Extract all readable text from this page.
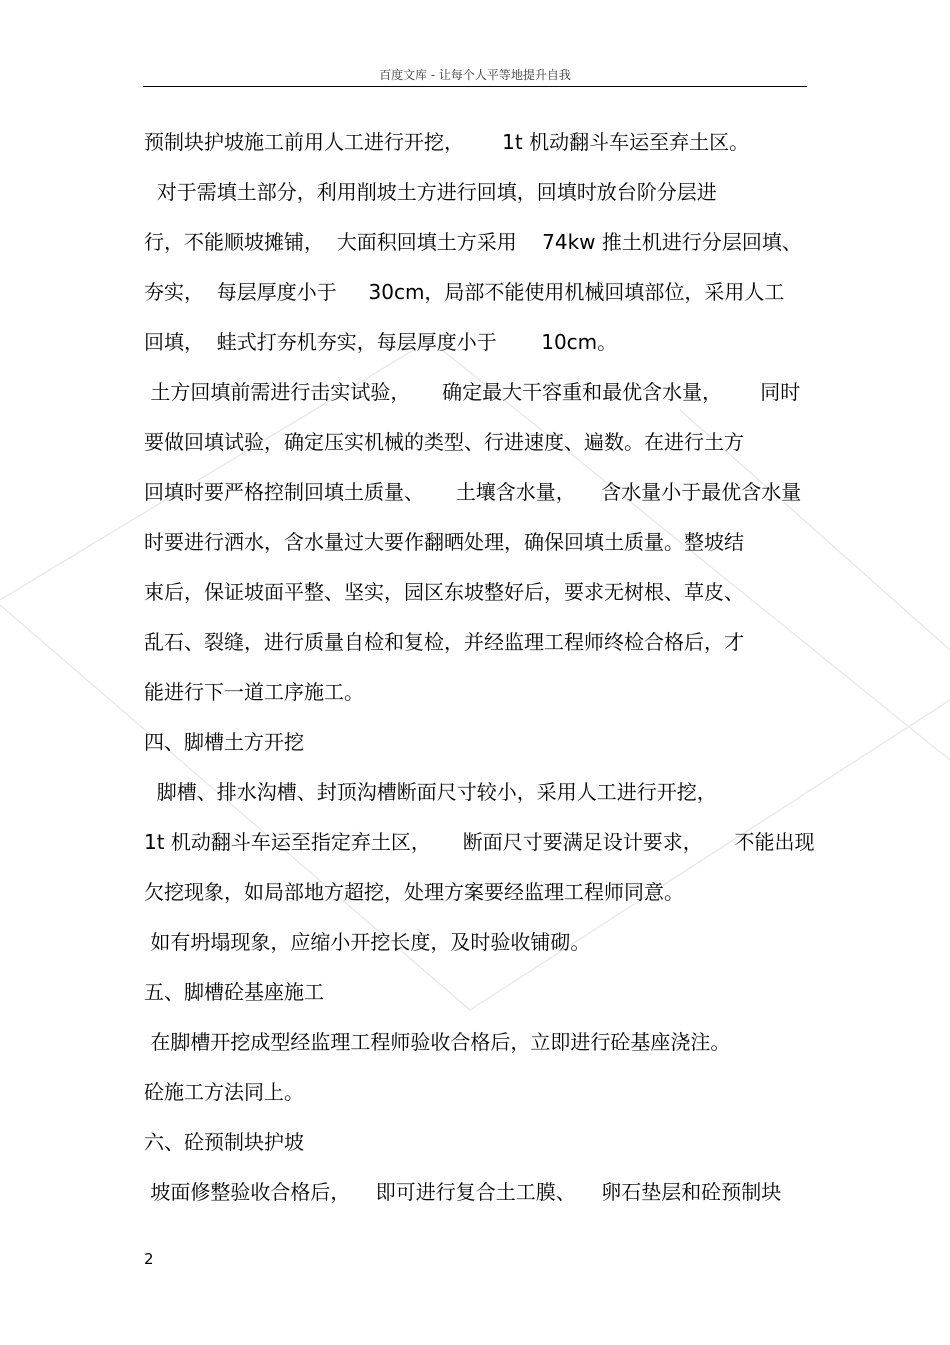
百度文库 - 让每个人平等地提升自我
预制块护坡施工前用人工进行开挖，      1t 机动翻斗车运至弃土区。
对于需填土部分，利用削坡土方进行回填，回填时放台阶分层进
行，不能顺坡摊铺，  大面积回填土方采用    74kw 推土机进行分层回填、
夯实，  每层厚度小于     30cm，局部不能使用机械回填部位，采用人工
回填，  蛙式打夯机夯实，每层厚度小于       10cm。
土方回填前需进行击实试验，     确定最大干容重和最优含水量，      同时
要做回填试验，确定压实机械的类型、行进速度、遍数。在进行土方
回填时要严格控制回填土质量、     土壤含水量，    含水量小于最优含水量
时要进行洒水，含水量过大要作翻晒处理，确保回填土质量。整坡结
束后，保证坡面平整、坚实，园区东坡整好后，要求无树根、草皮、
乱石、裂缝，进行质量自检和复检，并经监理工程师终检合格后，才
能进行下一道工序施工。
四、脚槽土方开挖
脚槽、排水沟槽、封顶沟槽断面尺寸较小，采用人工进行开挖，
1t 机动翻斗车运至指定弃土区，     断面尺寸要满足设计要求，     不能出现
欠挖现象，如局部地方超挖，处理方案要经监理工程师同意。
如有坍塌现象，应缩小开挖长度，及时验收铺砌。
五、脚槽砼基座施工
在脚槽开挖成型经监理工程师验收合格后，立即进行砼基座浇注。
砼施工方法同上。
六、砼预制块护坡
坡面修整验收合格后，    即可进行复合土工膜、    卵石垫层和砼预制块
2
